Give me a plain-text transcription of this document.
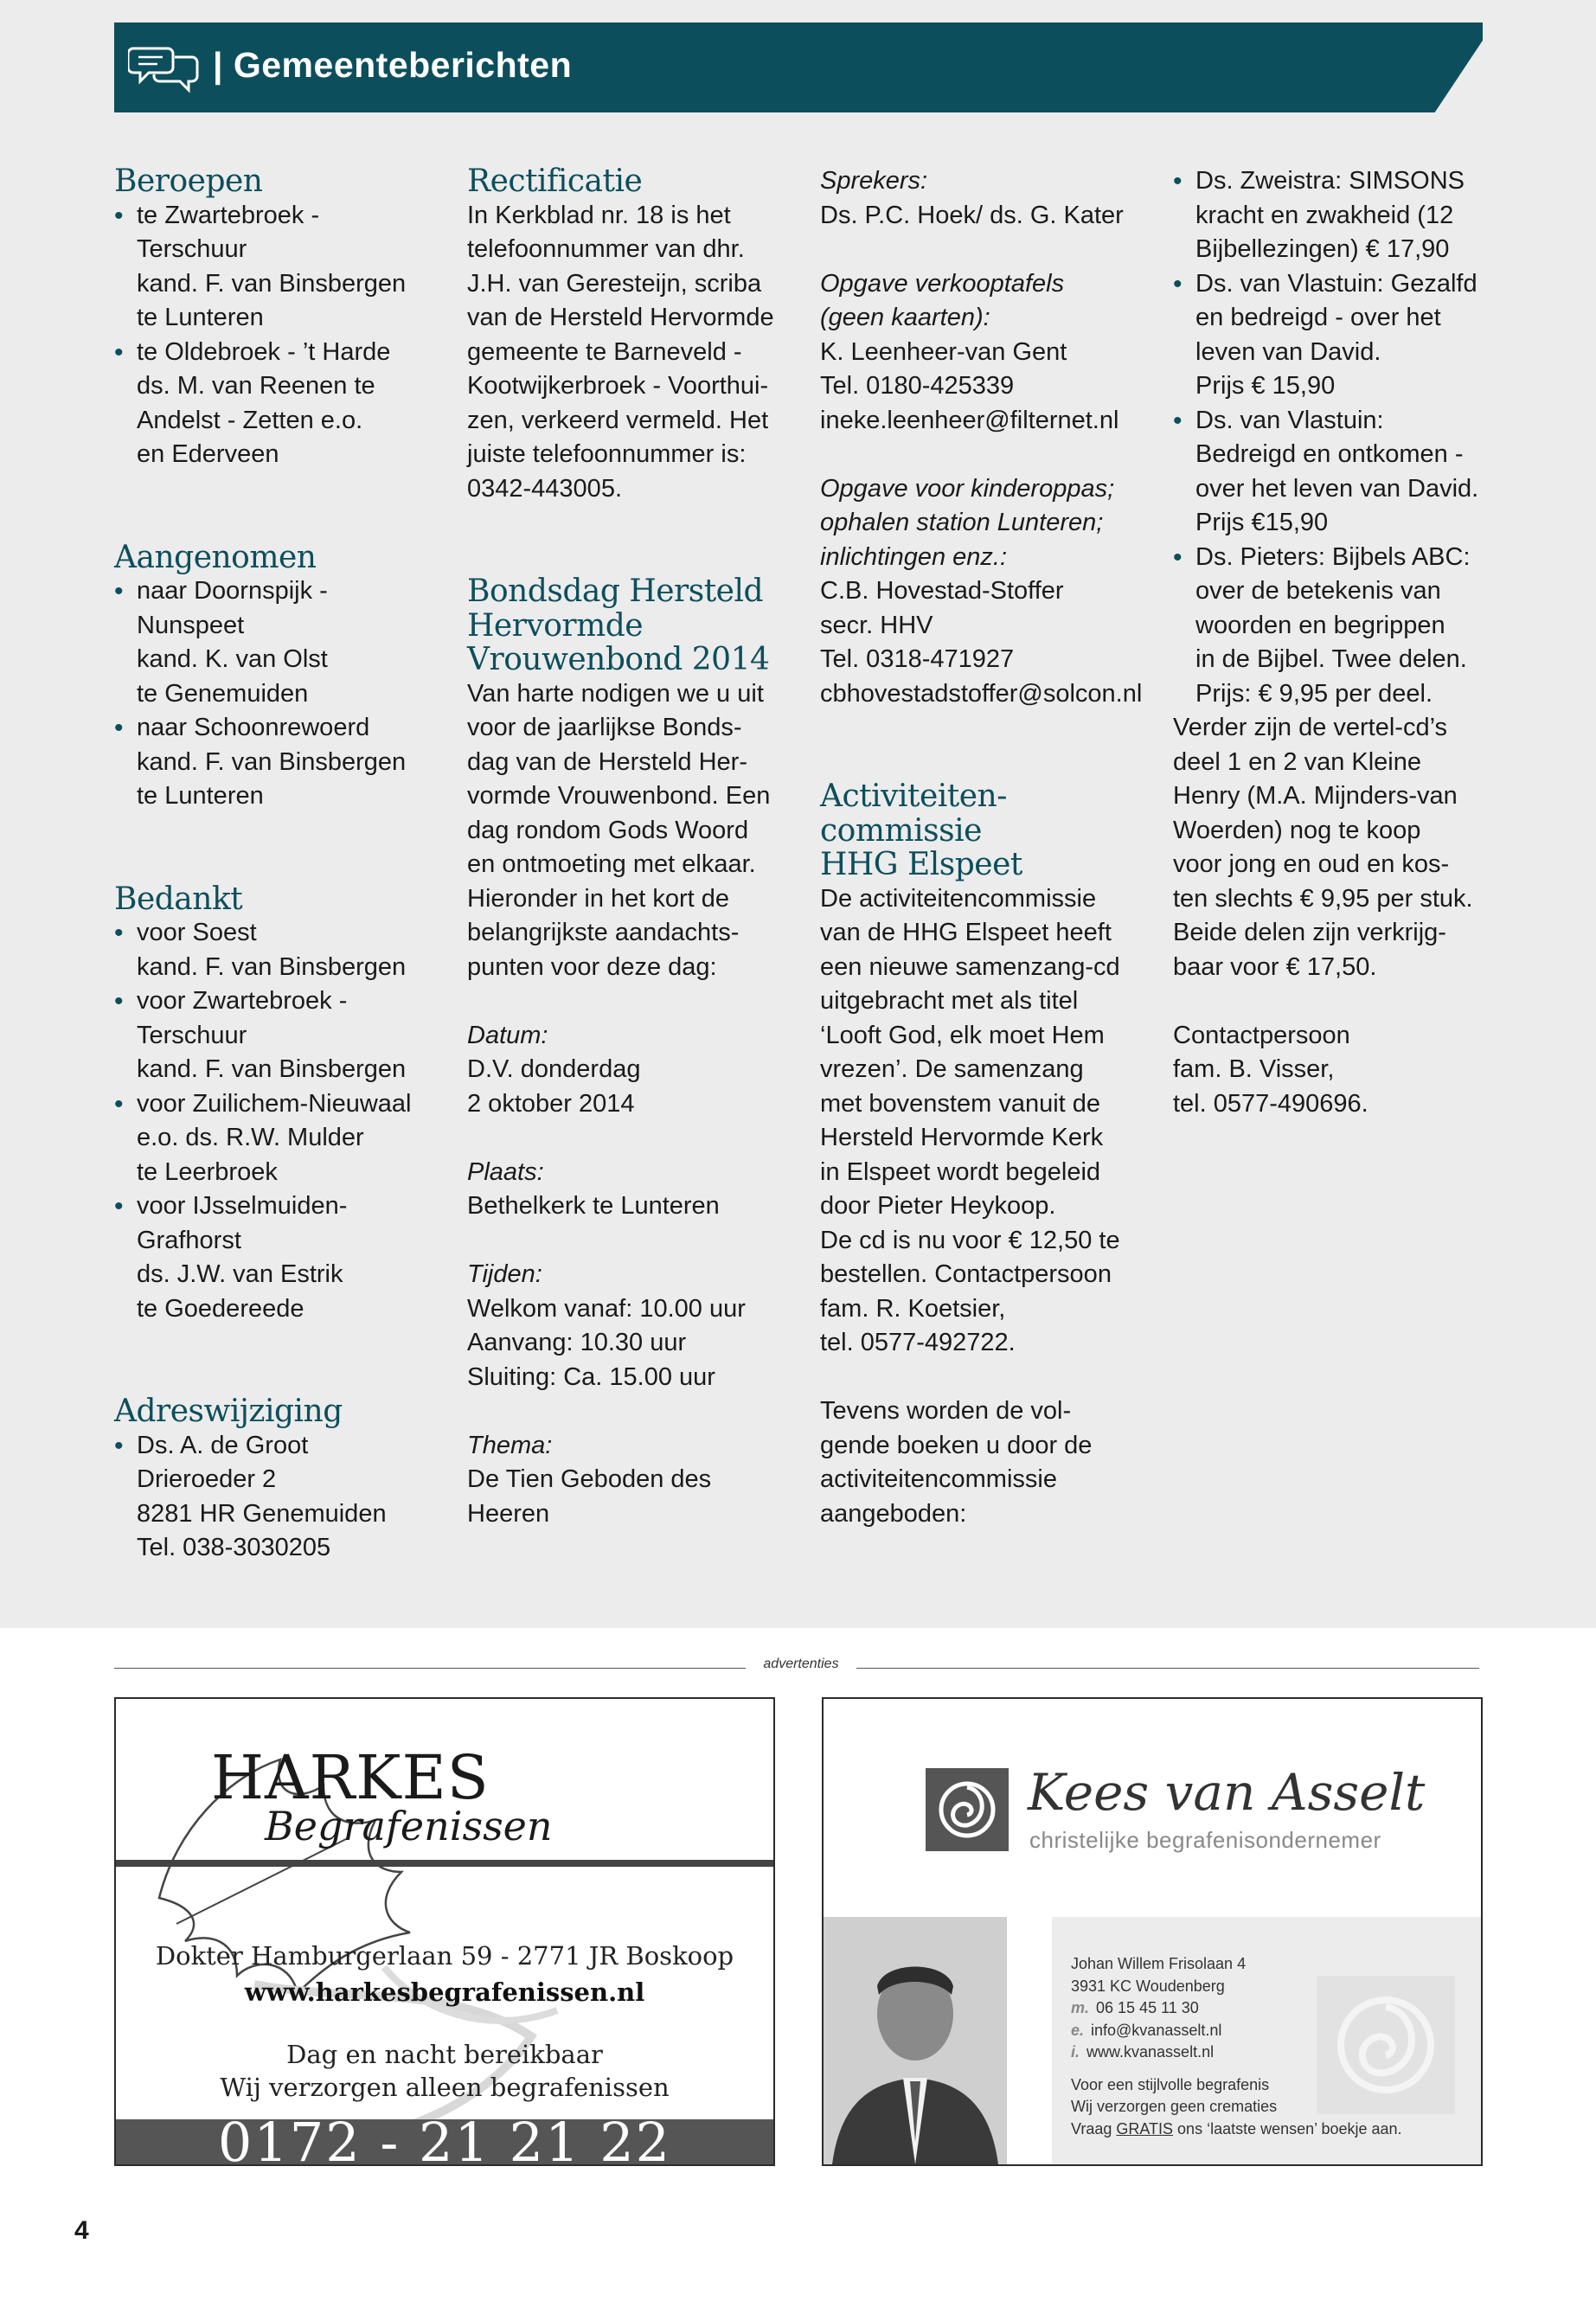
| Gemeenteberichten
Beroepen
• te Zwartebroek -
Terschuur
kand. F. van Binsbergen
te Lunteren
• te Oldebroek - ’t Harde
ds. M. van Reenen te
Andelst - Zetten e.o.
en Ederveen
Aangenomen
• naar Doornspijk -
Nunspeet
kand. K. van Olst
te Genemuiden
• naar Schoonrewoerd
kand. F. van Binsbergen
te Lunteren
Bedankt
• voor Soest
kand. F. van Binsbergen
• voor Zwartebroek -
Terschuur
kand. F. van Binsbergen
• voor Zuilichem-Nieuwaal
e.o. ds. R.W. Mulder
te Leerbroek
• voor IJsselmuiden-
Grafhorst
ds. J.W. van Estrik
te Goedereede
Adreswijziging
• Ds. A. de Groot
Drieroeder 2
8281 HR Genemuiden
Tel. 038-3030205
Rectificatie
In Kerkblad nr. 18 is het
telefoonnummer van dhr.
J.H. van Geresteijn, scriba
van de Hersteld Hervormde
gemeente te Barneveld -
Kootwijkerbroek - Voorthui-
zen, verkeerd vermeld. Het
juiste telefoonnummer is:
0342-443005.
Bondsdag Hersteld
Hervormde
Vrouwenbond 2014
Van harte nodigen we u uit
voor de jaarlijkse Bonds-
dag van de Hersteld Her-
vormde Vrouwenbond. Een
dag rondom Gods Woord
en ontmoeting met elkaar.
Hieronder in het kort de
belangrijkste aandachts-
punten voor deze dag:
Datum:
D.V. donderdag
2 oktober 2014
Plaats:
Bethelkerk te Lunteren
Tijden:
Welkom vanaf: 10.00 uur
Aanvang: 10.30 uur
Sluiting: Ca. 15.00 uur
Thema:
De Tien Geboden des
Heeren
Sprekers:
Ds. P.C. Hoek/ ds. G. Kater
Opgave verkooptafels
(geen kaarten):
K. Leenheer-van Gent
Tel. 0180-425339
ineke.leenheer@filternet.nl
Opgave voor kinderoppas;
ophalen station Lunteren;
inlichtingen enz.:
C.B. Hovestad-Stoffer
secr. HHV
Tel. 0318-471927
cbhovestadstoffer@solcon.nl
Activiteiten-
commissie
HHG Elspeet
De activiteitencommissie
van de HHG Elspeet heeft
een nieuwe samenzang-cd
uitgebracht met als titel
‘Looft God, elk moet Hem
vrezen’. De samenzang
met bovenstem vanuit de
Hersteld Hervormde Kerk
in Elspeet wordt begeleid
door Pieter Heykoop.
De cd is nu voor € 12,50 te
bestellen. Contactpersoon
fam. R. Koetsier,
tel. 0577-492722.
Tevens worden de vol-
gende boeken u door de
activiteitencommissie
aangeboden:
• Ds. Zweistra: SIMSONS
kracht en zwakheid (12
Bijbellezingen) € 17,90
• Ds. van Vlastuin: Gezalfd
en bedreigd - over het
leven van David.
Prijs € 15,90
• Ds. van Vlastuin:
Bedreigd en ontkomen -
over het leven van David.
Prijs €15,90
• Ds. Pieters: Bijbels ABC:
over de betekenis van
woorden en begrippen
in de Bijbel. Twee delen.
Prijs: € 9,95 per deel.
Verder zijn de vertel-cd’s
deel 1 en 2 van Kleine
Henry (M.A. Mijnders-van
Woerden) nog te koop
voor jong en oud en kos-
ten slechts € 9,95 per stuk.
Beide delen zijn verkrijg-
baar voor € 17,50.
Contactpersoon
fam. B. Visser,
tel. 0577-490696.
advertenties
HARKES
Begrafenissen
Dokter Hamburgerlaan 59 - 2771 JR Boskoop
www.harkesbegrafenissen.nl
Dag en nacht bereikbaar
Wij verzorgen alleen begrafenissen
0172 - 21 21 22
Kees van Asselt
christelijke begrafenisondernemer
Johan Willem Frisolaan 4
3931 KC Woudenberg
m. 06 15 45 11 30
e. info@kvanasselt.nl
i. www.kvanasselt.nl
Voor een stijlvolle begrafenis
Wij verzorgen geen crematies
Vraag GRATIS ons ‘laatste wensen’ boekje aan.
4
